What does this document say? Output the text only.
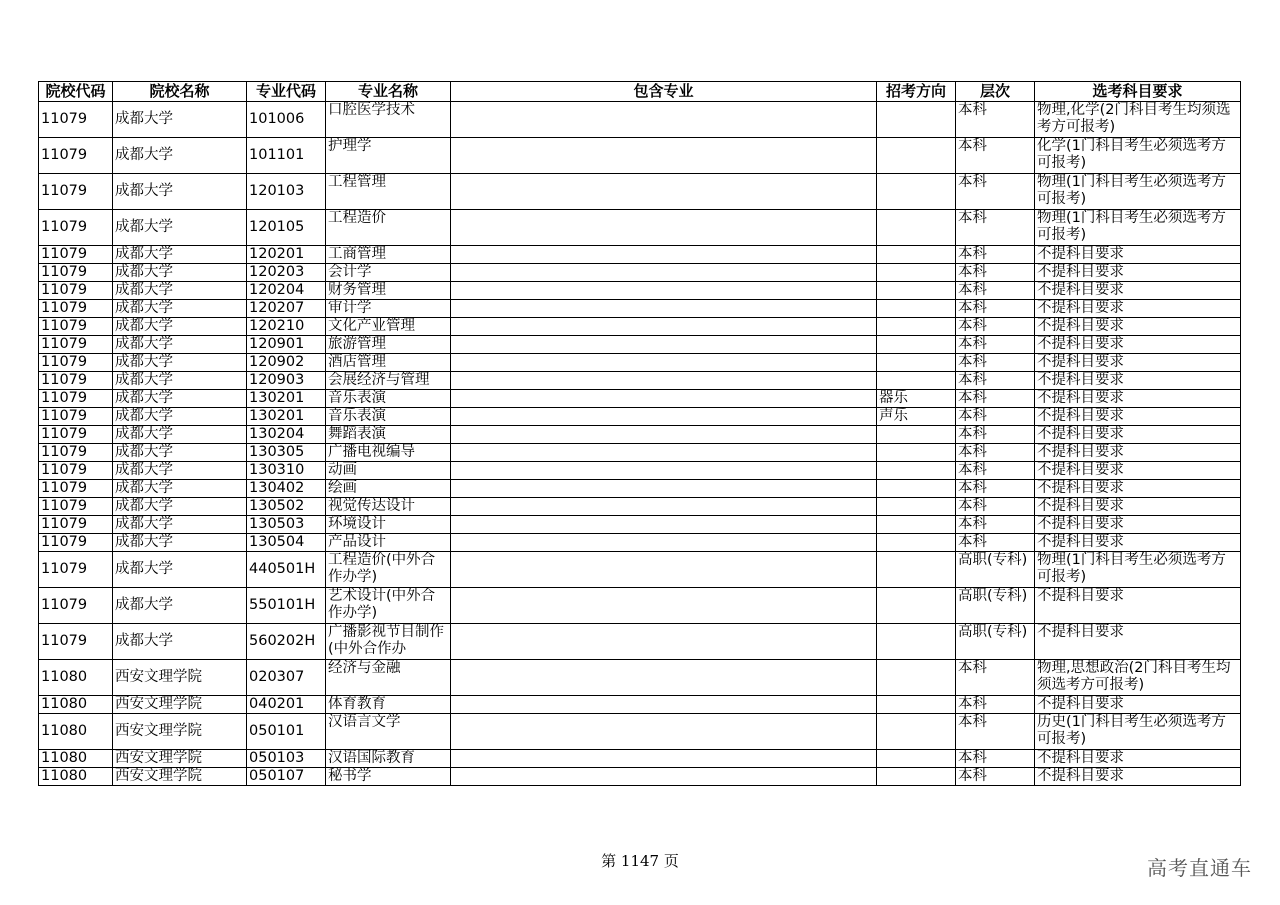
院校代码	院校名称	专业代码	专业名称	包含专业	招考方向	层次	选考科目要求

11079	成都大学	101006	口腔医学技术			本科	物理,化学(2门科目考生均须选考方可报考)

11079	成都大学	101101	护理学			本科	化学(1门科目考生必须选考方可报考)

11079	成都大学	120103	工程管理			本科	物理(1门科目考生必须选考方可报考)

11079	成都大学	120105	工程造价			本科	物理(1门科目考生必须选考方可报考)

11079	成都大学	120201	工商管理			本科	不提科目要求

11079	成都大学	120203	会计学			本科	不提科目要求

11079	成都大学	120204	财务管理			本科	不提科目要求

11079	成都大学	120207	审计学			本科	不提科目要求

11079	成都大学	120210	文化产业管理			本科	不提科目要求

11079	成都大学	120901	旅游管理			本科	不提科目要求

11079	成都大学	120902	酒店管理			本科	不提科目要求

11079	成都大学	120903	会展经济与管理			本科	不提科目要求

11079	成都大学	130201	音乐表演		器乐	本科	不提科目要求

11079	成都大学	130201	音乐表演		声乐	本科	不提科目要求

11079	成都大学	130204	舞蹈表演			本科	不提科目要求

11079	成都大学	130305	广播电视编导			本科	不提科目要求

11079	成都大学	130310	动画			本科	不提科目要求

11079	成都大学	130402	绘画			本科	不提科目要求

11079	成都大学	130502	视觉传达设计			本科	不提科目要求

11079	成都大学	130503	环境设计			本科	不提科目要求

11079	成都大学	130504	产品设计			本科	不提科目要求

11079	成都大学	440501H	工程造价(中外合作办学)			高职(专科)	物理(1门科目考生必须选考方可报考)

11079	成都大学	550101H	艺术设计(中外合作办学)			高职(专科)	不提科目要求

11079	成都大学	560202H	广播影视节目制作(中外合作办			高职(专科)	不提科目要求

11080	西安文理学院	020307	经济与金融			本科	物理,思想政治(2门科目考生均须选考方可报考)

11080	西安文理学院	040201	体育教育			本科	不提科目要求

11080	西安文理学院	050101	汉语言文学			本科	历史(1门科目考生必须选考方可报考)

11080	西安文理学院	050103	汉语国际教育			本科	不提科目要求

11080	西安文理学院	050107	秘书学			本科	不提科目要求
第 1147 页	高考直通车
